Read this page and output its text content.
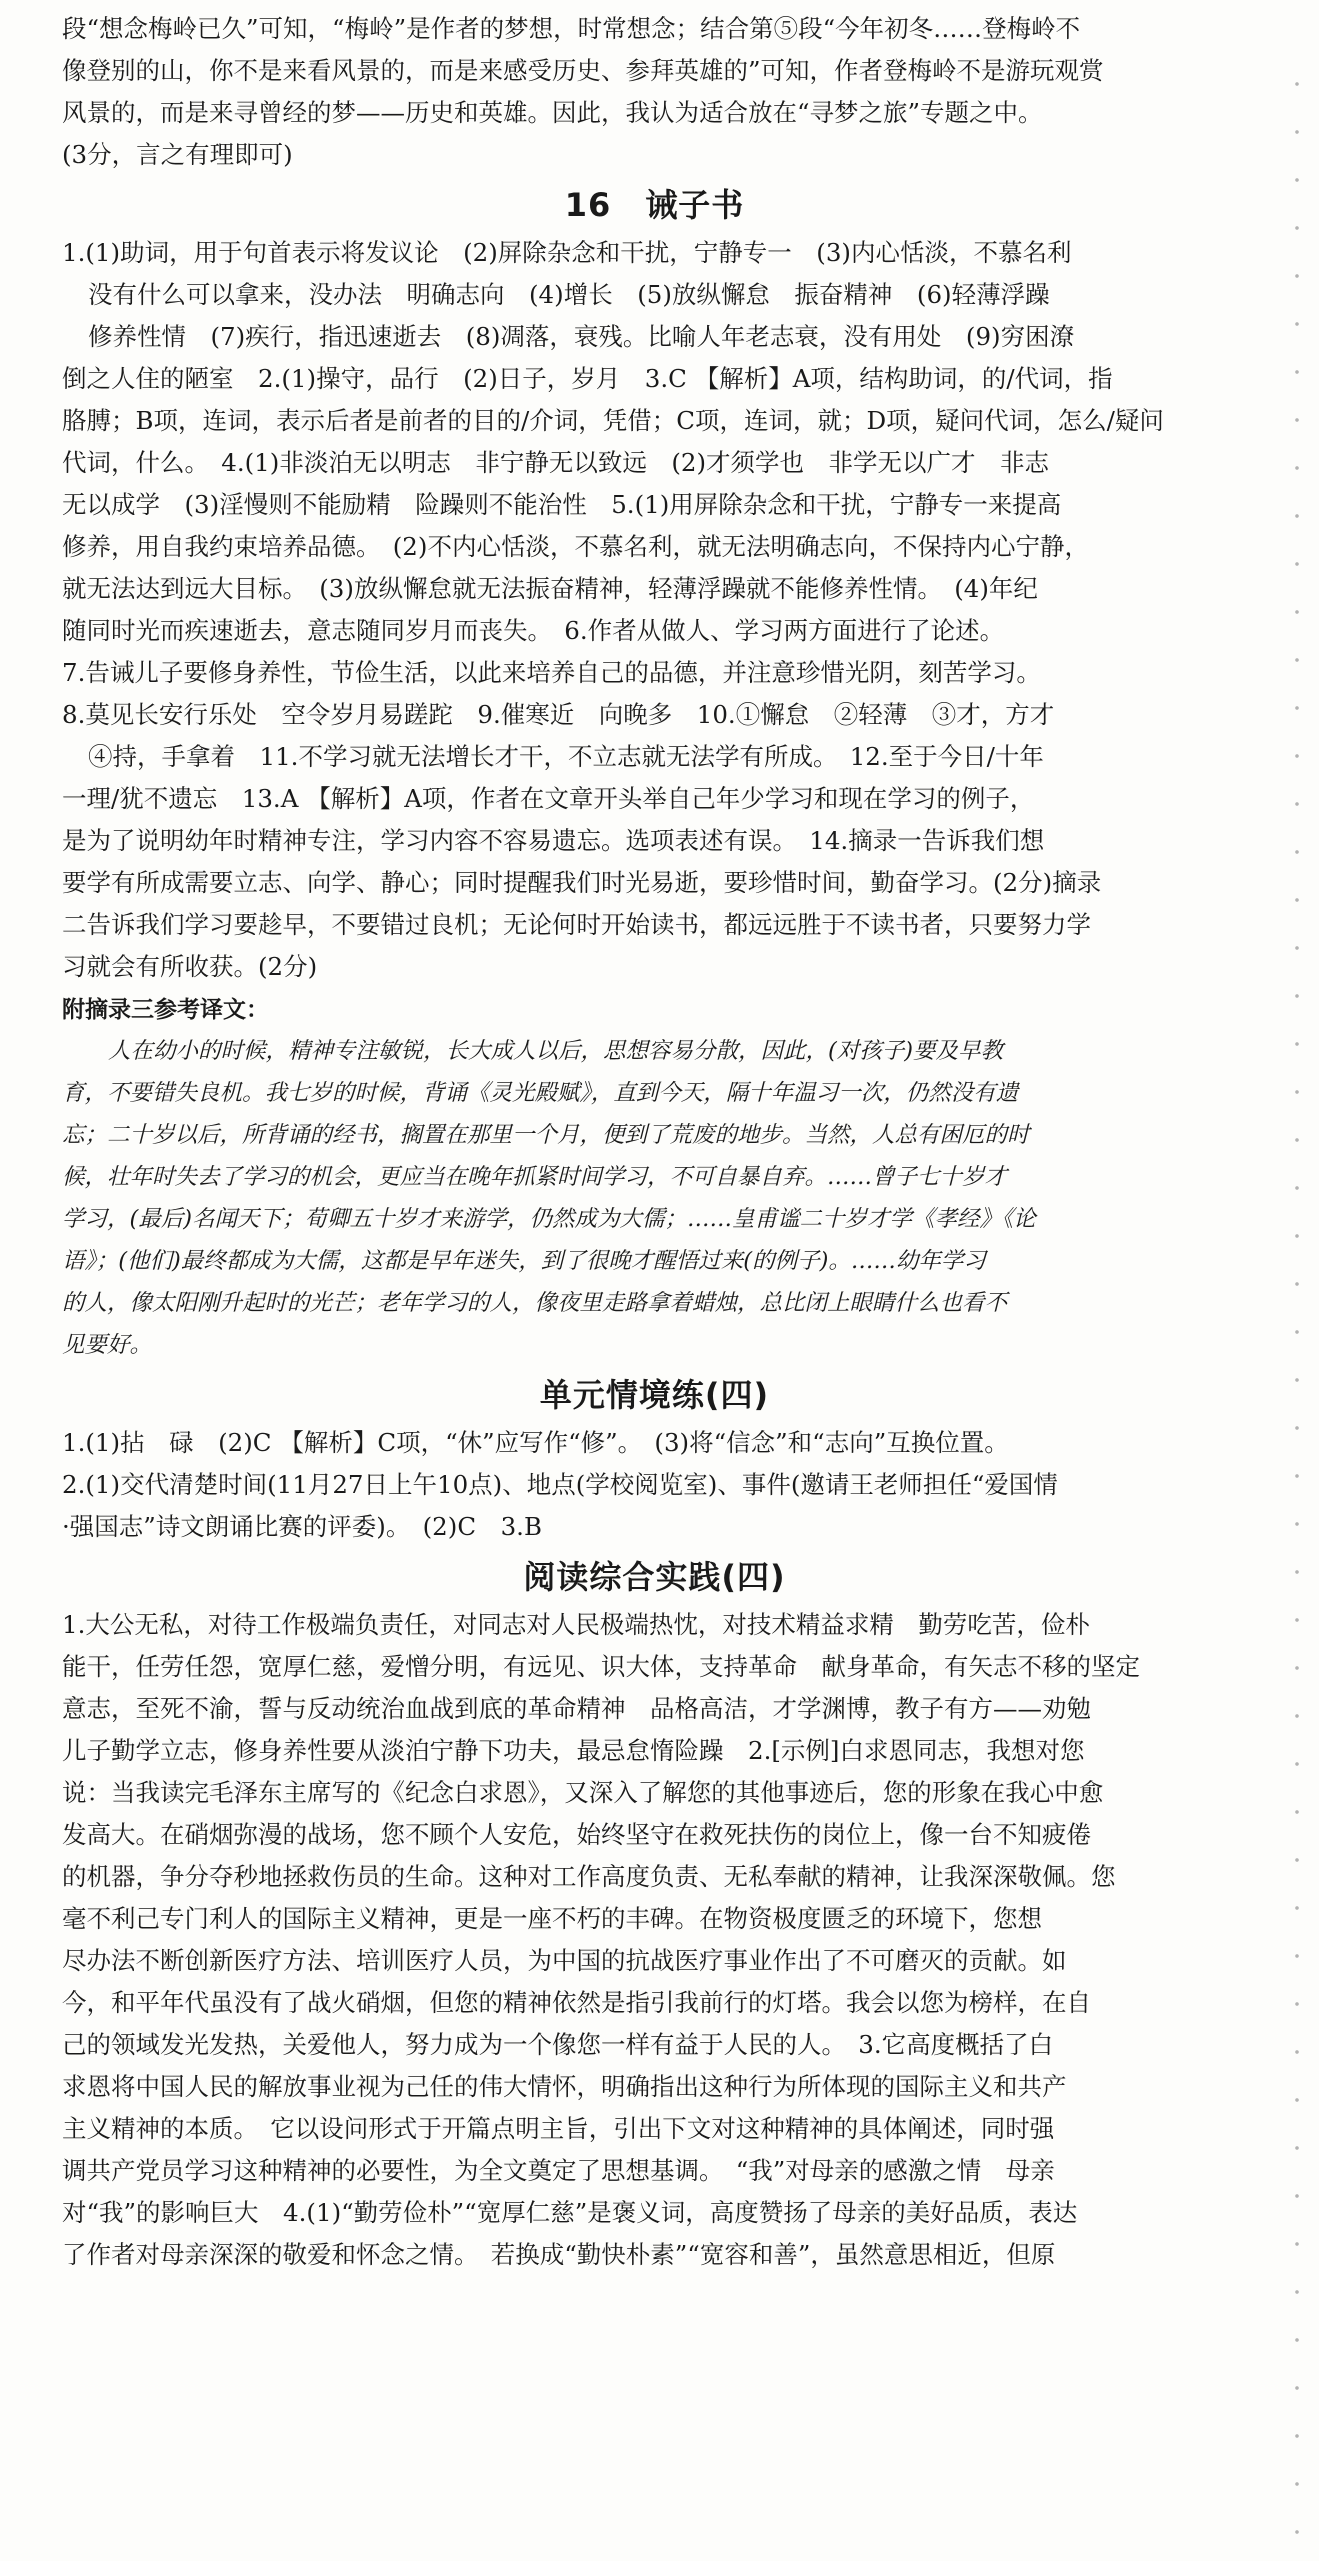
段“想念梅岭已久”可知，“梅岭”是作者的梦想，时常想念；结合第⑤段“今年初冬……登梅岭不

像登别的山，你不是来看风景的，而是来感受历史、参拜英雄的”可知，作者登梅岭不是游玩观赏

风景的，而是来寻曾经的梦——历史和英雄。因此，我认为适合放在“寻梦之旅”专题之中。

(3分，言之有理即可)

16 诫子书

1.(1)助词，用于句首表示将发议论　(2)屏除杂念和干扰，宁静专一　(3)内心恬淡，不慕名利

没有什么可以拿来，没办法　明确志向　(4)增长　(5)放纵懈怠　振奋精神　(6)轻薄浮躁

修养性情　(7)疾行，指迅速逝去　(8)凋落，衰残。比喻人年老志衰，没有用处　(9)穷困潦

倒之人住的陋室　2.(1)操守，品行　(2)日子，岁月　3.C 【解析】A项，结构助词，的/代词，指

胳膊；B项，连词，表示后者是前者的目的/介词，凭借；C项，连词，就；D项，疑问代词，怎么/疑问

代词，什么。　4.(1)非淡泊无以明志　非宁静无以致远　(2)才须学也　非学无以广才　非志

无以成学　(3)淫慢则不能励精　险躁则不能治性　5.(1)用屏除杂念和干扰，宁静专一来提高

修养，用自我约束培养品德。　(2)不内心恬淡，不慕名利，就无法明确志向，不保持内心宁静，

就无法达到远大目标。　(3)放纵懈怠就无法振奋精神，轻薄浮躁就不能修养性情。　(4)年纪

随同时光而疾速逝去，意志随同岁月而丧失。　6.作者从做人、学习两方面进行了论述。

7.告诫儿子要修身养性，节俭生活，以此来培养自己的品德，并注意珍惜光阴，刻苦学习。

8.莫见长安行乐处　空令岁月易蹉跎　9.催寒近　向晚多　10.①懈怠　②轻薄　③才，方才

④持，手拿着　11.不学习就无法增长才干，不立志就无法学有所成。　12.至于今日/十年

一理/犹不遗忘　13.A 【解析】A项，作者在文章开头举自己年少学习和现在学习的例子，

是为了说明幼年时精神专注，学习内容不容易遗忘。选项表述有误。　14.摘录一告诉我们想

要学有所成需要立志、向学、静心；同时提醒我们时光易逝，要珍惜时间，勤奋学习。(2分)摘录

二告诉我们学习要趁早，不要错过良机；无论何时开始读书，都远远胜于不读书者，只要努力学

习就会有所收获。(2分)

附摘录三参考译文：

人在幼小的时候，精神专注敏锐，长大成人以后，思想容易分散，因此，(对孩子)要及早教

育，不要错失良机。我七岁的时候，背诵《灵光殿赋》，直到今天，隔十年温习一次，仍然没有遗

忘；二十岁以后，所背诵的经书，搁置在那里一个月，便到了荒废的地步。当然，人总有困厄的时

候，壮年时失去了学习的机会，更应当在晚年抓紧时间学习，不可自暴自弃。……曾子七十岁才

学习，(最后)名闻天下；荀卿五十岁才来游学，仍然成为大儒；……皇甫谧二十岁才学《孝经》《论

语》；(他们)最终都成为大儒，这都是早年迷失，到了很晚才醒悟过来(的例子)。……幼年学习

的人，像太阳刚升起时的光芒；老年学习的人，像夜里走路拿着蜡烛，总比闭上眼睛什么也看不

见要好。

单元情境练(四)

1.(1)拈　碌　(2)C 【解析】C项，“休”应写作“修”。　(3)将“信念”和“志向”互换位置。

2.(1)交代清楚时间(11月27日上午10点)、地点(学校阅览室)、事件(邀请王老师担任“爱国情

·强国志”诗文朗诵比赛的评委)。　(2)C　3.B

阅读综合实践(四)

1.大公无私，对待工作极端负责任，对同志对人民极端热忱，对技术精益求精　勤劳吃苦，俭朴

能干，任劳任怨，宽厚仁慈，爱憎分明，有远见、识大体，支持革命　献身革命，有矢志不移的坚定

意志，至死不渝，誓与反动统治血战到底的革命精神　品格高洁，才学渊博，教子有方——劝勉

儿子勤学立志，修身养性要从淡泊宁静下功夫，最忌怠惰险躁　2.[示例]白求恩同志，我想对您

说：当我读完毛泽东主席写的《纪念白求恩》，又深入了解您的其他事迹后，您的形象在我心中愈

发高大。在硝烟弥漫的战场，您不顾个人安危，始终坚守在救死扶伤的岗位上，像一台不知疲倦

的机器，争分夺秒地拯救伤员的生命。这种对工作高度负责、无私奉献的精神，让我深深敬佩。您

毫不利己专门利人的国际主义精神，更是一座不朽的丰碑。在物资极度匮乏的环境下，您想

尽办法不断创新医疗方法、培训医疗人员，为中国的抗战医疗事业作出了不可磨灭的贡献。如

今，和平年代虽没有了战火硝烟，但您的精神依然是指引我前行的灯塔。我会以您为榜样，在自

己的领域发光发热，关爱他人，努力成为一个像您一样有益于人民的人。　3.它高度概括了白

求恩将中国人民的解放事业视为己任的伟大情怀，明确指出这种行为所体现的国际主义和共产

主义精神的本质。　它以设问形式于开篇点明主旨，引出下文对这种精神的具体阐述，同时强

调共产党员学习这种精神的必要性，为全文奠定了思想基调。　“我”对母亲的感激之情　母亲

对“我”的影响巨大　4.(1)“勤劳俭朴”“宽厚仁慈”是褒义词，高度赞扬了母亲的美好品质，表达

了作者对母亲深深的敬爱和怀念之情。　若换成“勤快朴素”“宽容和善”，虽然意思相近，但原
